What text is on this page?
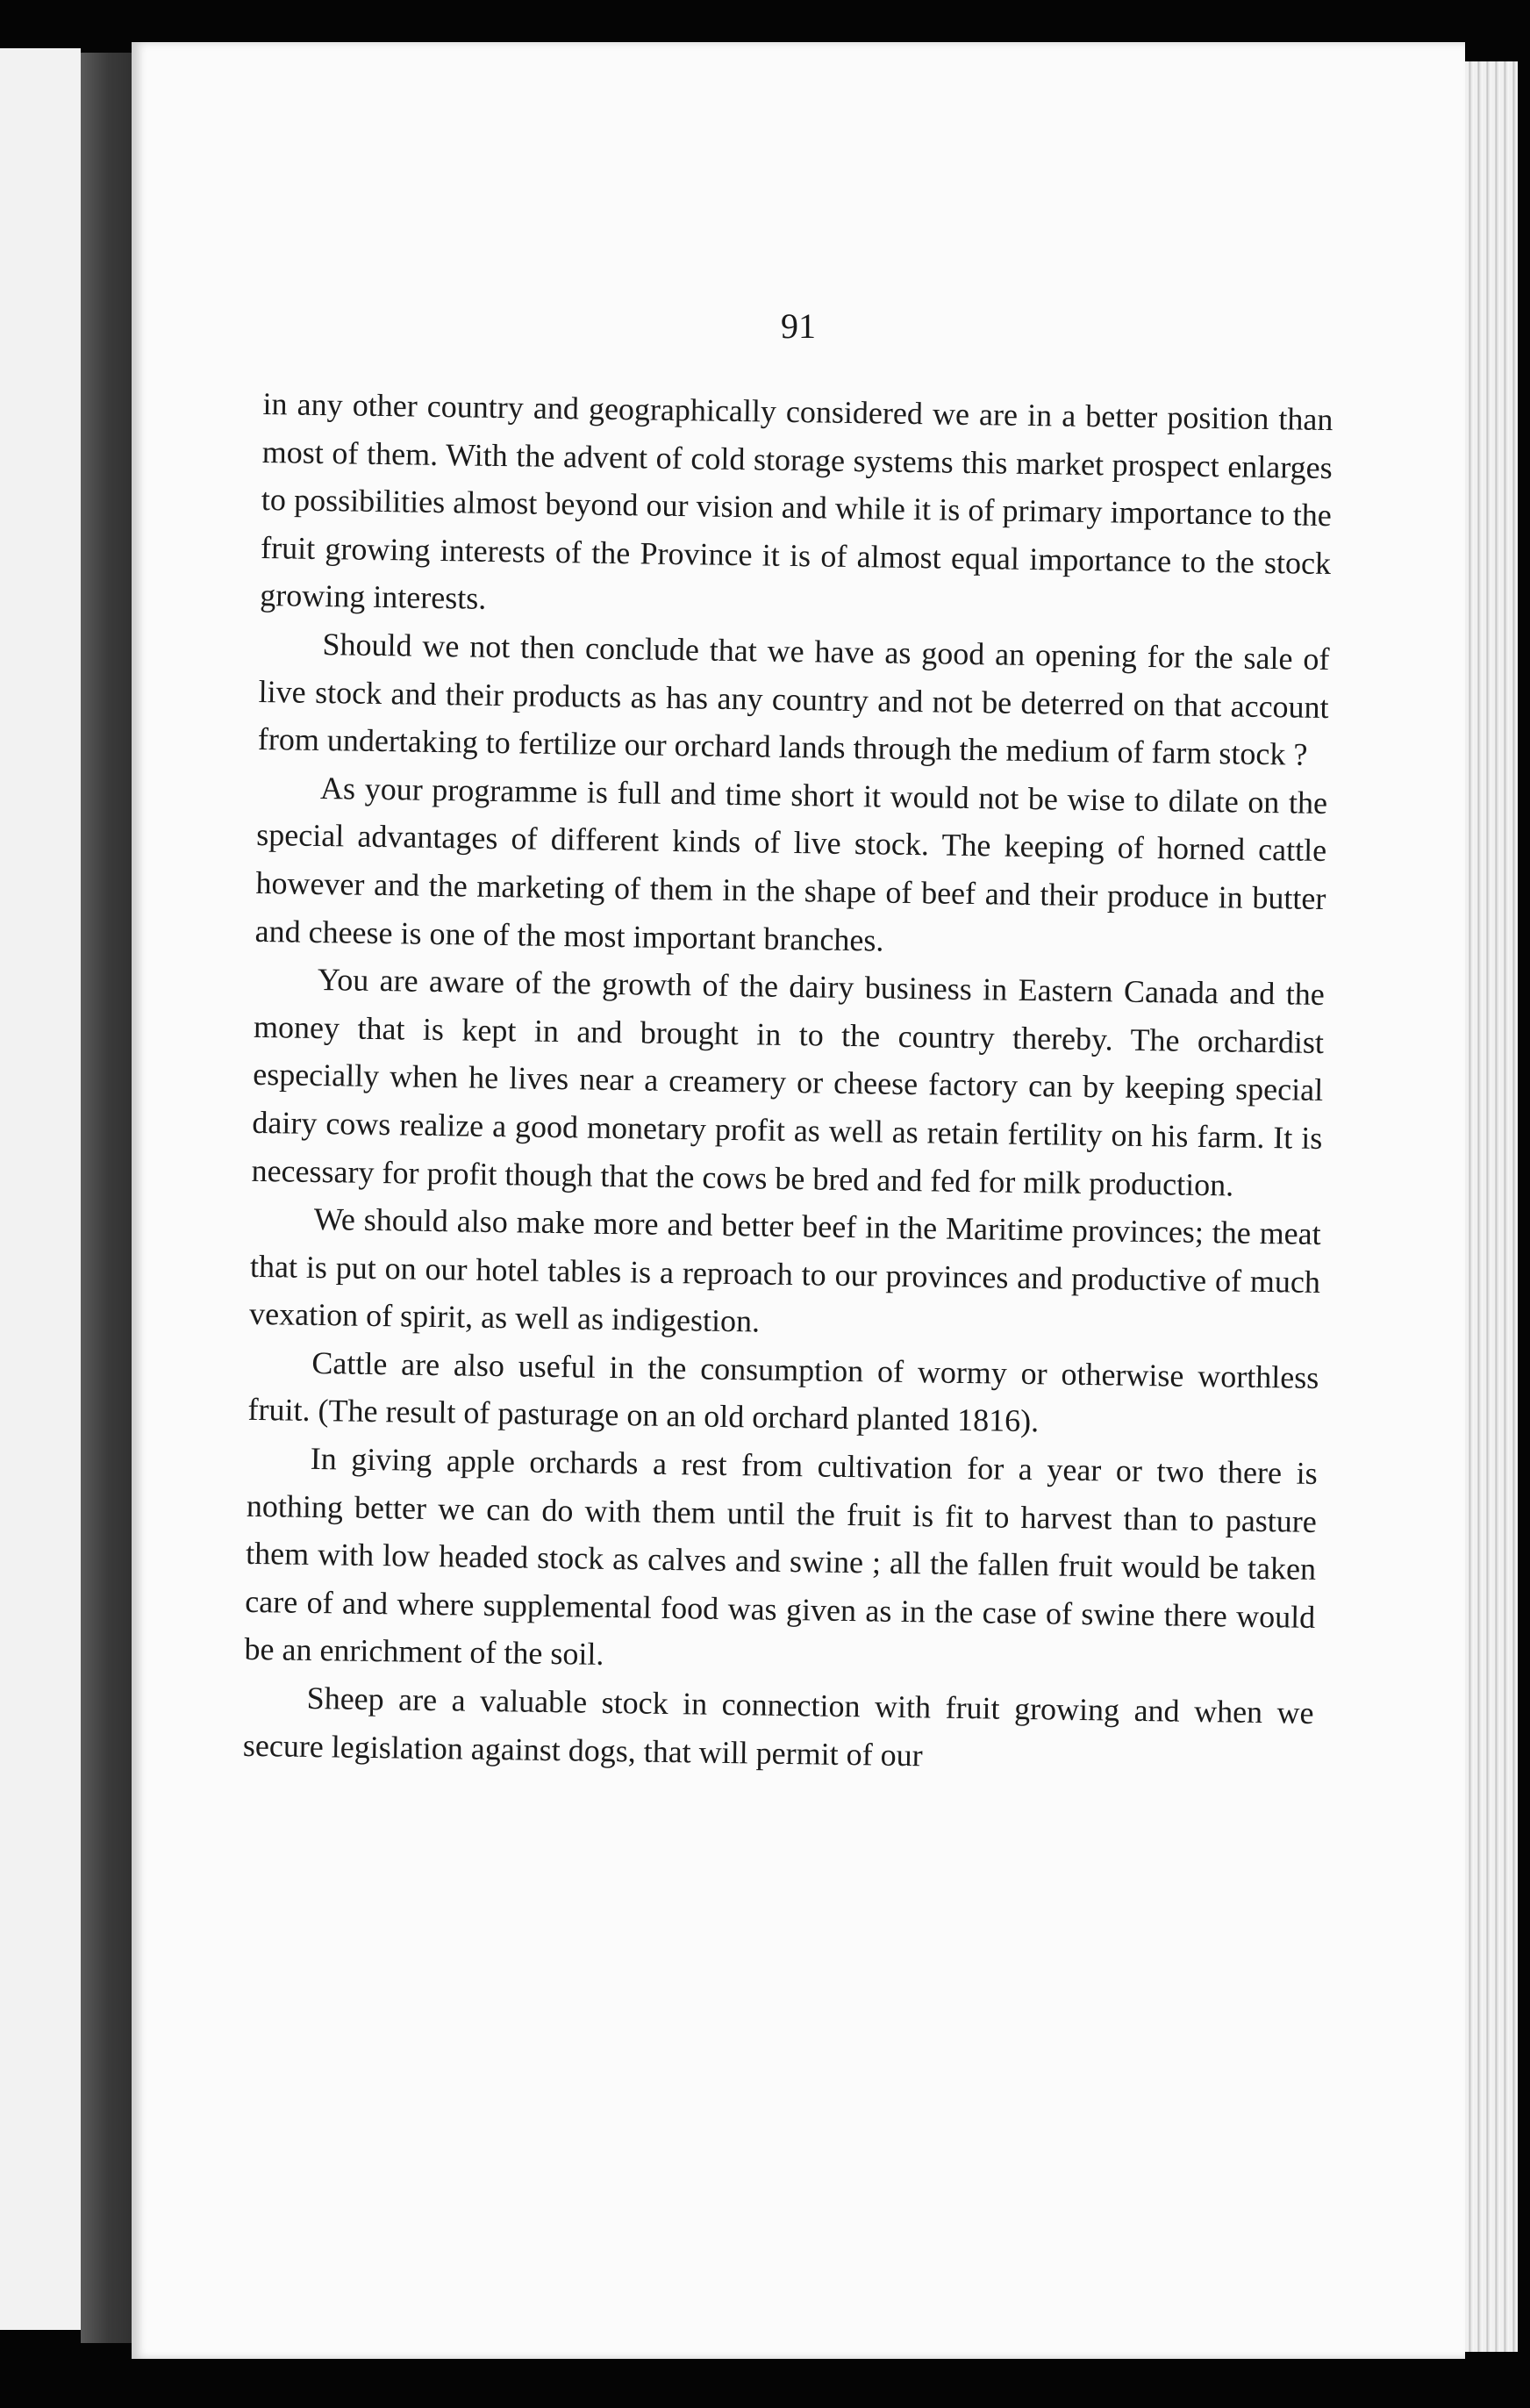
91

in any other country and geographically considered we are in a better position than most of them. With the advent of cold storage systems this market prospect enlarges to possibilities almost beyond our vision and while it is of primary importance to the fruit growing interests of the Province it is of almost equal importance to the stock growing interests.

Should we not then conclude that we have as good an opening for the sale of live stock and their products as has any country and not be deterred on that account from undertaking to fertilize our orchard lands through the medium of farm stock ?

As your programme is full and time short it would not be wise to dilate on the special advantages of different kinds of live stock. The keeping of horned cattle however and the marketing of them in the shape of beef and their produce in butter and cheese is one of the most important branches.

You are aware of the growth of the dairy business in Eastern Canada and the money that is kept in and brought in to the country thereby. The orchardist especially when he lives near a creamery or cheese factory can by keeping special dairy cows realize a good monetary profit as well as retain fertility on his farm. It is necessary for profit though that the cows be bred and fed for milk production.

We should also make more and better beef in the Maritime provinces; the meat that is put on our hotel tables is a reproach to our provinces and productive of much vexation of spirit, as well as indigestion.

Cattle are also useful in the consumption of wormy or otherwise worthless fruit. (The result of pasturage on an old orchard planted 1816).

In giving apple orchards a rest from cultivation for a year or two there is nothing better we can do with them until the fruit is fit to harvest than to pasture them with low headed stock as calves and swine ; all the fallen fruit would be taken care of and where supplemental food was given as in the case of swine there would be an enrichment of the soil.

Sheep are a valuable stock in connection with fruit growing and when we secure legislation against dogs, that will permit of our
